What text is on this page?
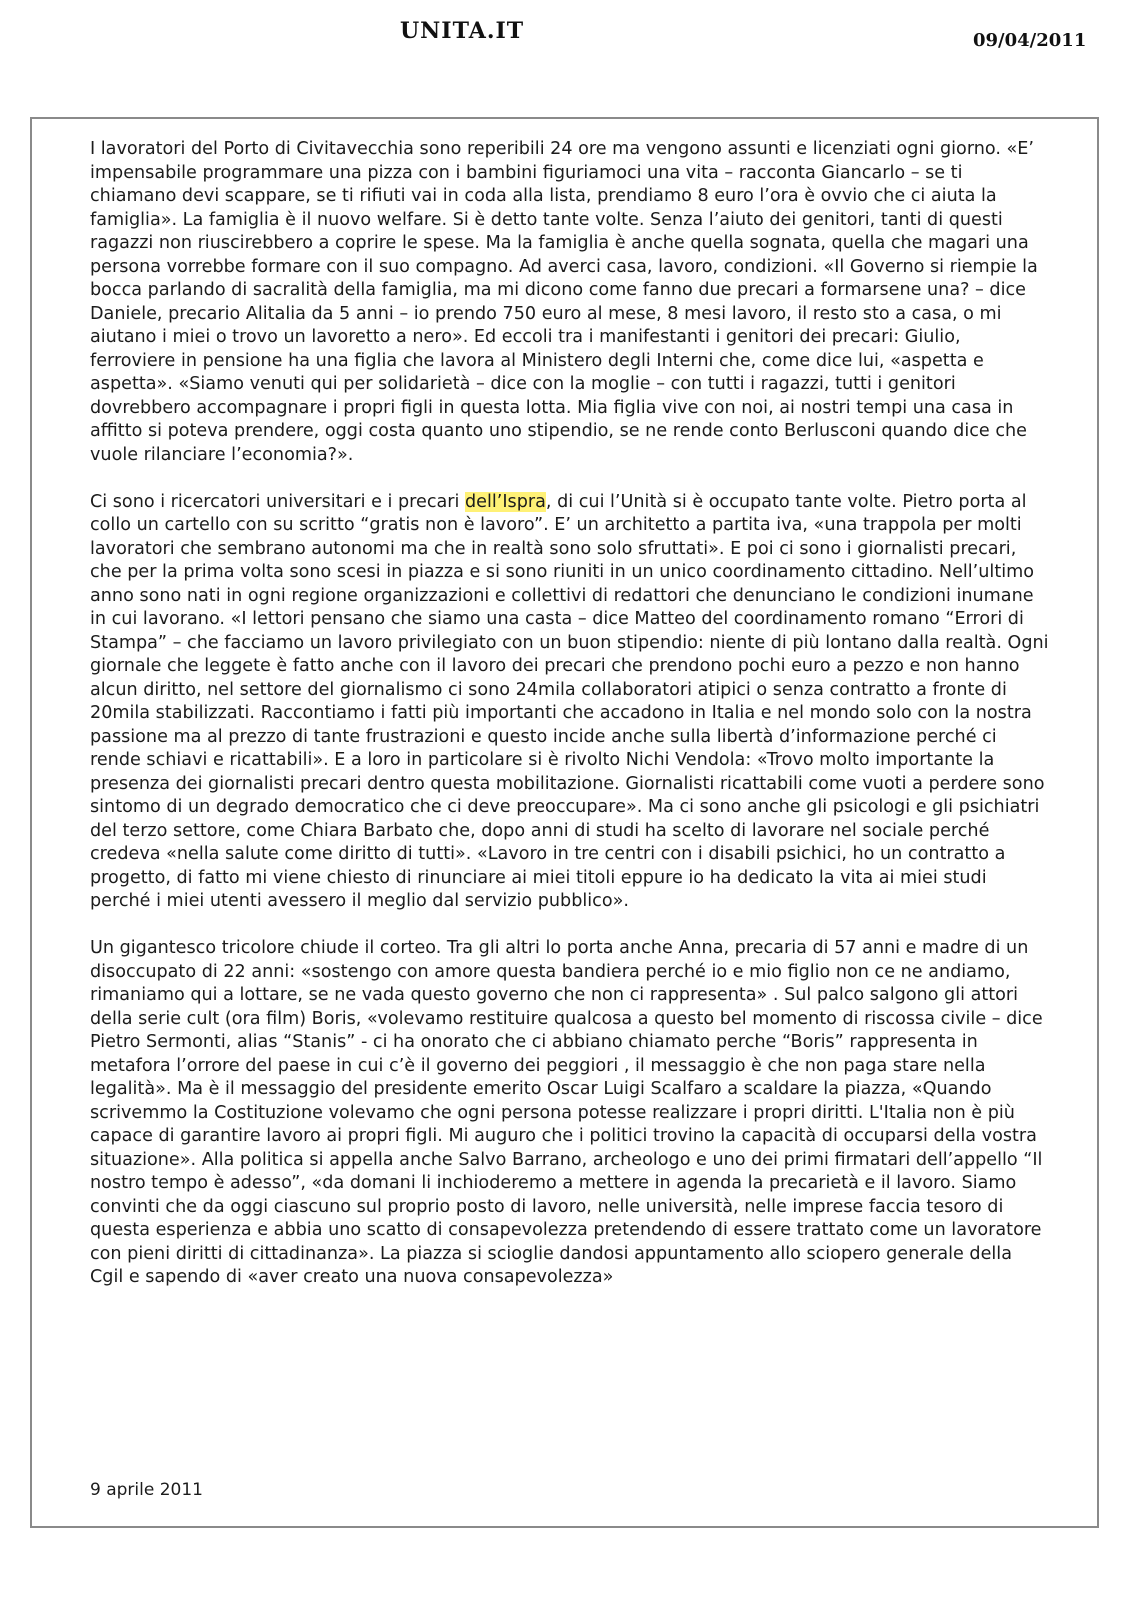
UNITA.IT	09/04/2011

I lavoratori del Porto di Civitavecchia sono reperibili 24 ore ma vengono assunti e licenziati ogni giorno. «E’ impensabile programmare una pizza con i bambini figuriamoci una vita – racconta Giancarlo – se ti chiamano devi scappare, se ti rifiuti vai in coda alla lista, prendiamo 8 euro l’ora è ovvio che ci aiuta la famiglia». La famiglia è il nuovo welfare. Si è detto tante volte. Senza l’aiuto dei genitori, tanti di questi ragazzi non riuscirebbero a coprire le spese. Ma la famiglia è anche quella sognata, quella che magari una persona vorrebbe formare con il suo compagno. Ad averci casa, lavoro, condizioni. «Il Governo si riempie la bocca parlando di sacralità della famiglia, ma mi dicono come fanno due precari a formarsene una? – dice Daniele, precario Alitalia da 5 anni – io prendo 750 euro al mese, 8 mesi lavoro, il resto sto a casa, o mi aiutano i miei o trovo un lavoretto a nero». Ed eccoli tra i manifestanti i genitori dei precari: Giulio, ferroviere in pensione ha una figlia che lavora al Ministero degli Interni che, come dice lui, «aspetta e aspetta». «Siamo venuti qui per solidarietà – dice con la moglie – con tutti i ragazzi, tutti i genitori dovrebbero accompagnare i propri figli in questa lotta. Mia figlia vive con noi, ai nostri tempi una casa in affitto si poteva prendere, oggi costa quanto uno stipendio, se ne rende conto Berlusconi quando dice che vuole rilanciare l’economia?».

Ci sono i ricercatori universitari e i precari dell’Ispra, di cui l’Unità si è occupato tante volte. Pietro porta al collo un cartello con su scritto “gratis non è lavoro”. E’ un architetto a partita iva, «una trappola per molti lavoratori che sembrano autonomi ma che in realtà sono solo sfruttati». E poi ci sono i giornalisti precari, che per la prima volta sono scesi in piazza e si sono riuniti in un unico coordinamento cittadino. Nell’ultimo anno sono nati in ogni regione organizzazioni e collettivi di redattori che denunciano le condizioni inumane in cui lavorano. «I lettori pensano che siamo una casta – dice Matteo del coordinamento romano “Errori di Stampa” – che facciamo un lavoro privilegiato con un buon stipendio: niente di più lontano dalla realtà. Ogni giornale che leggete è fatto anche con il lavoro dei precari che prendono pochi euro a pezzo e non hanno alcun diritto, nel settore del giornalismo ci sono 24mila collaboratori atipici o senza contratto a fronte di 20mila stabilizzati. Raccontiamo i fatti più importanti che accadono in Italia e nel mondo solo con la nostra passione ma al prezzo di tante frustrazioni e questo incide anche sulla libertà d’informazione perché ci rende schiavi e ricattabili». E a loro in particolare si è rivolto Nichi Vendola: «Trovo molto importante la presenza dei giornalisti precari dentro questa mobilitazione. Giornalisti ricattabili come vuoti a perdere sono sintomo di un degrado democratico che ci deve preoccupare». Ma ci sono anche gli psicologi e gli psichiatri del terzo settore, come Chiara Barbato che, dopo anni di studi ha scelto di lavorare nel sociale perché credeva «nella salute come diritto di tutti». «Lavoro in tre centri con i disabili psichici, ho un contratto a progetto, di fatto mi viene chiesto di rinunciare ai miei titoli eppure io ha dedicato la vita ai miei studi perché i miei utenti avessero il meglio dal servizio pubblico».

Un gigantesco tricolore chiude il corteo. Tra gli altri lo porta anche Anna, precaria di 57 anni e madre di un disoccupato di 22 anni: «sostengo con amore questa bandiera perché io e mio figlio non ce ne andiamo, rimaniamo qui a lottare, se ne vada questo governo che non ci rappresenta» . Sul palco salgono gli attori della serie cult (ora film) Boris, «volevamo restituire qualcosa a questo bel momento di riscossa civile – dice Pietro Sermonti, alias “Stanis” - ci ha onorato che ci abbiano chiamato perche “Boris” rappresenta in metafora l’orrore del paese in cui c’è il governo dei peggiori , il messaggio è che non paga stare nella legalità». Ma è il messaggio del presidente emerito Oscar Luigi Scalfaro a scaldare la piazza, «Quando scrivemmo la Costituzione volevamo che ogni persona potesse realizzare i propri diritti. L'Italia non è più capace di garantire lavoro ai propri figli. Mi auguro che i politici trovino la capacità di occuparsi della vostra situazione». Alla politica si appella anche Salvo Barrano, archeologo e uno dei primi firmatari dell’appello “Il nostro tempo è adesso”, «da domani li inchioderemo a mettere in agenda la precarietà e il lavoro. Siamo convinti che da oggi ciascuno sul proprio posto di lavoro, nelle università, nelle imprese faccia tesoro di questa esperienza e abbia uno scatto di consapevolezza pretendendo di essere trattato come un lavoratore con pieni diritti di cittadinanza». La piazza si scioglie dandosi appuntamento allo sciopero generale della Cgil e sapendo di «aver creato una nuova consapevolezza»

9 aprile 2011
